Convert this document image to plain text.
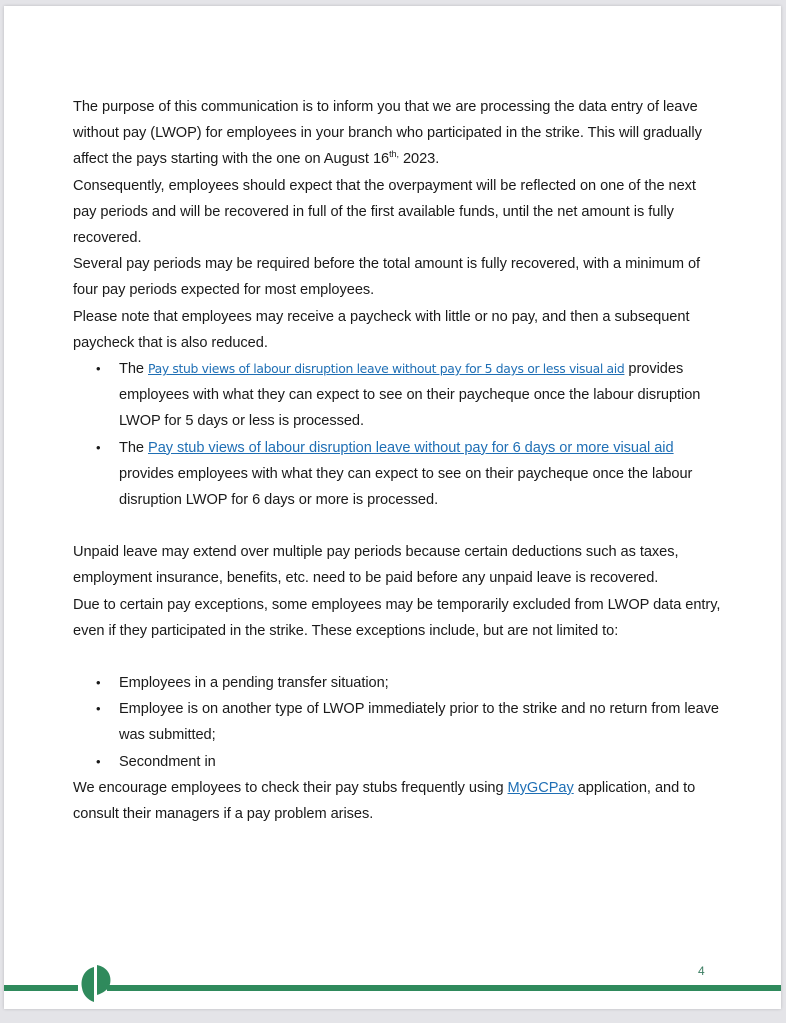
The purpose of this communication is to inform you that we are processing the data entry of leave without pay (LWOP) for employees in your branch who participated in the strike. This will gradually affect the pays starting with the one on August $16^{th,}$ 2023.

Consequently, employees should expect that the overpayment will be reflected on one of the next pay periods and will be recovered in full of the first available funds, until the net amount is fully recovered.

Several pay periods may be required before the total amount is fully recovered, with a minimum of four pay periods expected for most employees.

Please note that employees may receive a paycheck with little or no pay, and then a subsequent paycheck that is also reduced.

• The Pay stub views of labour disruption leave without pay for 5 days or less visual aid provides employees with what they can expect to see on their paycheque once the labour disruption LWOP for 5 days or less is processed.
• The Pay stub views of labour disruption leave without pay for 6 days or more visual aid provides employees with what they can expect to see on their paycheque once the labour disruption LWOP for 6 days or more is processed.

Unpaid leave may extend over multiple pay periods because certain deductions such as taxes, employment insurance, benefits, etc. need to be paid before any unpaid leave is recovered.

Due to certain pay exceptions, some employees may be temporarily excluded from LWOP data entry, even if they participated in the strike. These exceptions include, but are not limited to:

• Employees in a pending transfer situation;
• Employee is on another type of LWOP immediately prior to the strike and no return from leave was submitted;
• Secondment in

We encourage employees to check their pay stubs frequently using MyGCPay application, and to consult their managers if a pay problem arises.

4
